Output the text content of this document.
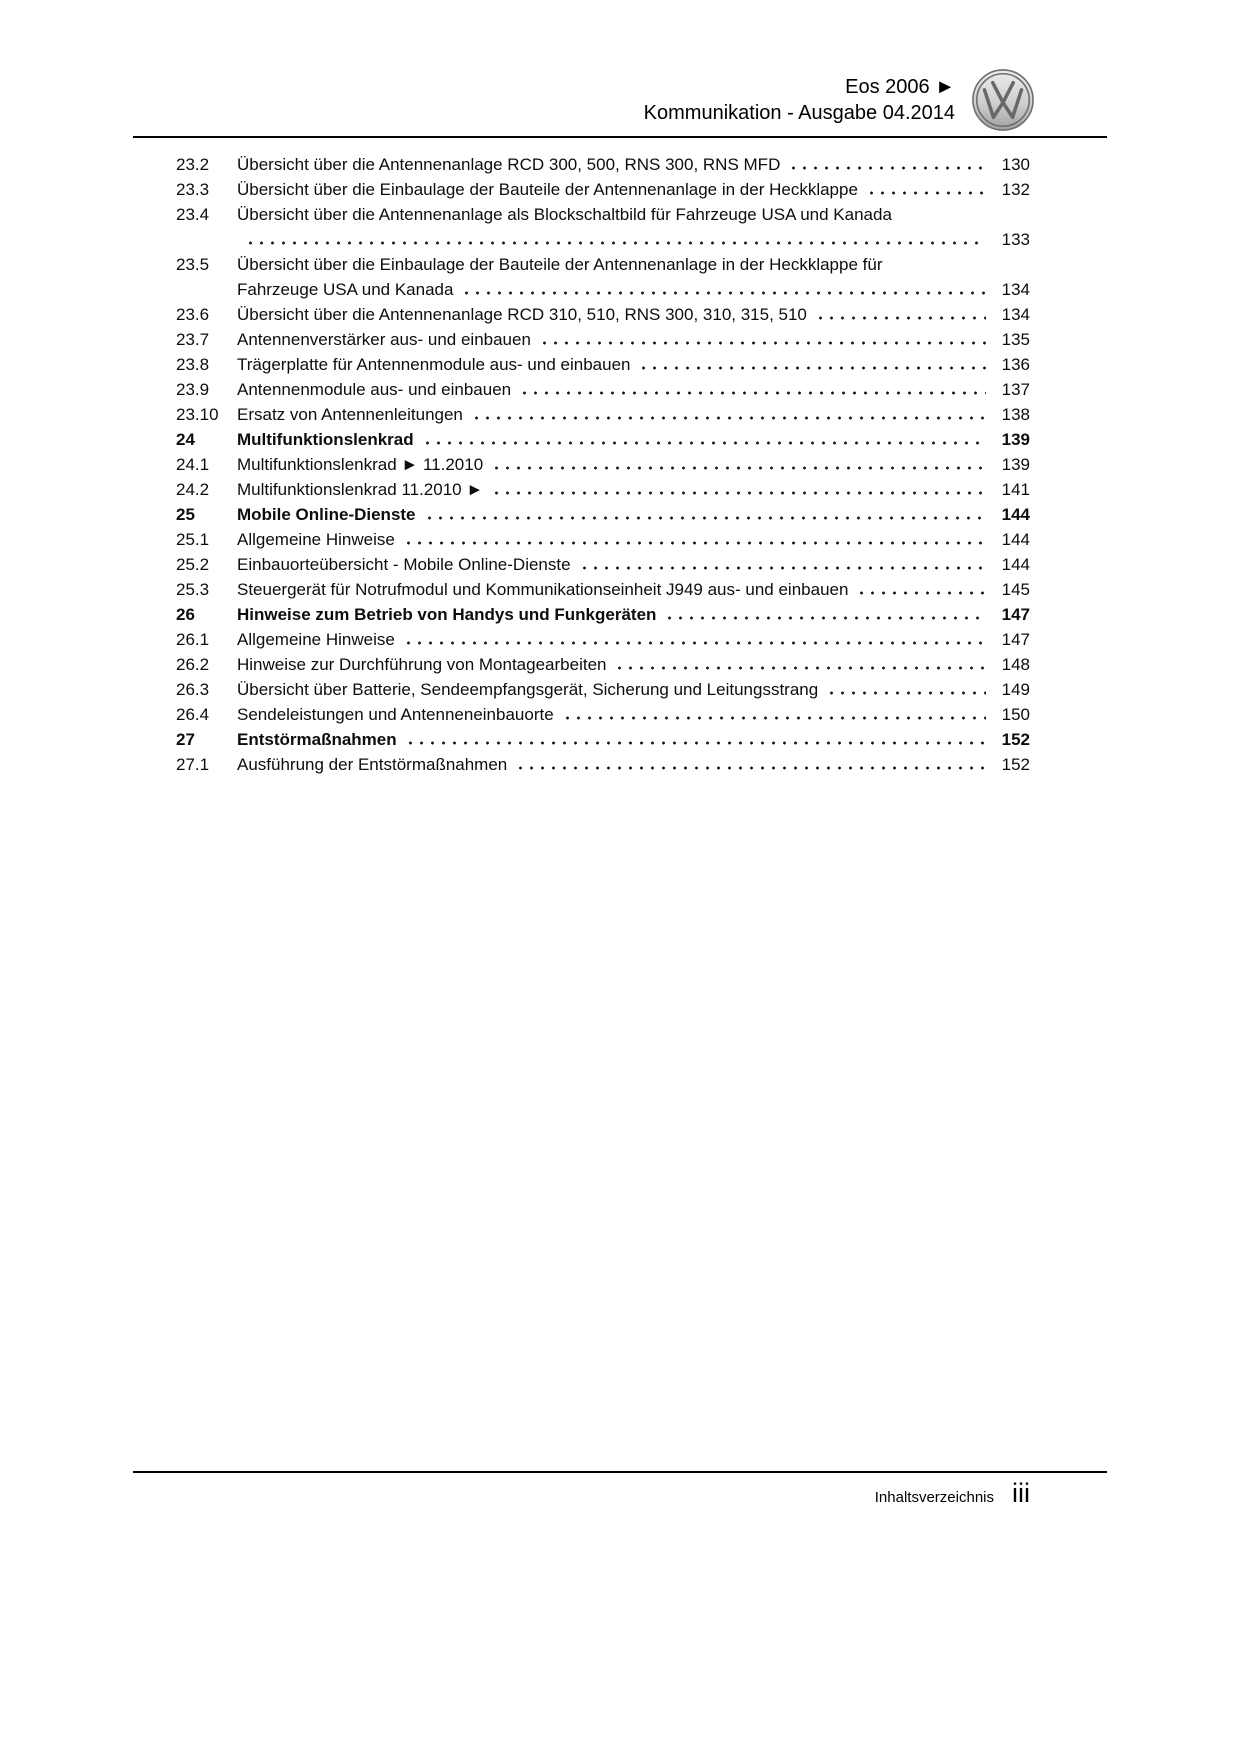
Eos 2006 ►
Kommunikation - Ausgabe 04.2014
23.2	Übersicht über die Antennenanlage RCD 300, 500, RNS 300, RNS MFD	130
23.3	Übersicht über die Einbaulage der Bauteile der Antennenanlage in der Heckklappe	132
23.4	Übersicht über die Antennenanlage als Blockschaltbild für Fahrzeuge USA und Kanada
133
23.5	Übersicht über die Einbaulage der Bauteile der Antennenanlage in der Heckklappe für
Fahrzeuge USA und Kanada	134
23.6	Übersicht über die Antennenanlage RCD 310, 510, RNS 300, 310, 315, 510	134
23.7	Antennenverstärker aus- und einbauen	135
23.8	Trägerplatte für Antennenmodule aus- und einbauen	136
23.9	Antennenmodule aus- und einbauen	137
23.10	Ersatz von Antennenleitungen	138
24	Multifunktionslenkrad	139
24.1	Multifunktionslenkrad ► 11.2010	139
24.2	Multifunktionslenkrad 11.2010 ►	141
25	Mobile Online-Dienste	144
25.1	Allgemeine Hinweise	144
25.2	Einbauorteübersicht - Mobile Online-Dienste	144
25.3	Steuergerät für Notrufmodul und Kommunikationseinheit J949 aus- und einbauen	145
26	Hinweise zum Betrieb von Handys und Funkgeräten	147
26.1	Allgemeine Hinweise	147
26.2	Hinweise zur Durchführung von Montagearbeiten	148
26.3	Übersicht über Batterie, Sendeempfangsgerät, Sicherung und Leitungsstrang	149
26.4	Sendeleistungen und Antenneneinbauorte	150
27	Entstörmaßnahmen	152
27.1	Ausführung der Entstörmaßnahmen	152
Inhaltsverzeichnis iii
